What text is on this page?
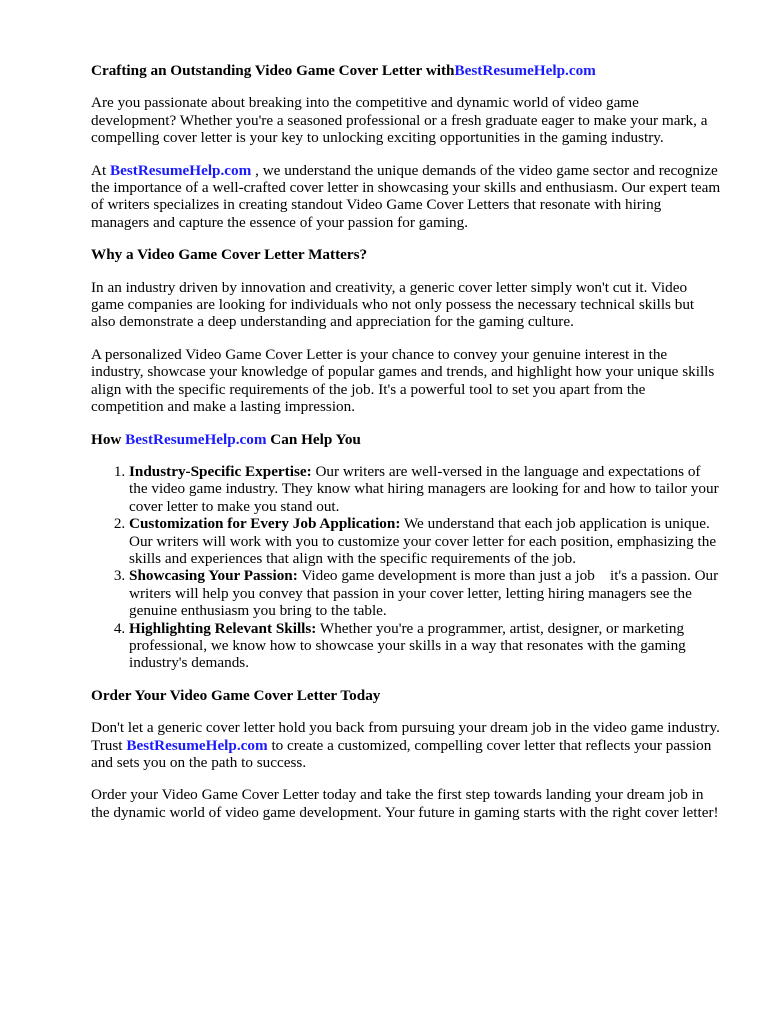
Crafting an Outstanding Video Game Cover Letter withBestResumeHelp.com

Are you passionate about breaking into the competitive and dynamic world of video game development? Whether you're a seasoned professional or a fresh graduate eager to make your mark, a compelling cover letter is your key to unlocking exciting opportunities in the gaming industry.

At BestResumeHelp.com , we understand the unique demands of the video game sector and recognize the importance of a well-crafted cover letter in showcasing your skills and enthusiasm. Our expert team of writers specializes in creating standout Video Game Cover Letters that resonate with hiring managers and capture the essence of your passion for gaming.

Why a Video Game Cover Letter Matters?

In an industry driven by innovation and creativity, a generic cover letter simply won't cut it. Video game companies are looking for individuals who not only possess the necessary technical skills but also demonstrate a deep understanding and appreciation for the gaming culture.

A personalized Video Game Cover Letter is your chance to convey your genuine interest in the industry, showcase your knowledge of popular games and trends, and highlight how your unique skills align with the specific requirements of the job. It's a powerful tool to set you apart from the competition and make a lasting impression.

How BestResumeHelp.com Can Help You
1. Industry-Specific Expertise: Our writers are well-versed in the language and expectations of the video game industry. They know what hiring managers are looking for and how to tailor your cover letter to make you stand out.
2. Customization for Every Job Application: We understand that each job application is unique. Our writers will work with you to customize your cover letter for each position, emphasizing the skills and experiences that align with the specific requirements of the job.
3. Showcasing Your Passion: Video game development is more than just a job    it's a passion. Our writers will help you convey that passion in your cover letter, letting hiring managers see the genuine enthusiasm you bring to the table.
4. Highlighting Relevant Skills: Whether you're a programmer, artist, designer, or marketing professional, we know how to showcase your skills in a way that resonates with the gaming industry's demands.
Order Your Video Game Cover Letter Today

Don't let a generic cover letter hold you back from pursuing your dream job in the video game industry. Trust BestResumeHelp.com to create a customized, compelling cover letter that reflects your passion and sets you on the path to success.

Order your Video Game Cover Letter today and take the first step towards landing your dream job in the dynamic world of video game development. Your future in gaming starts with the right cover letter!
